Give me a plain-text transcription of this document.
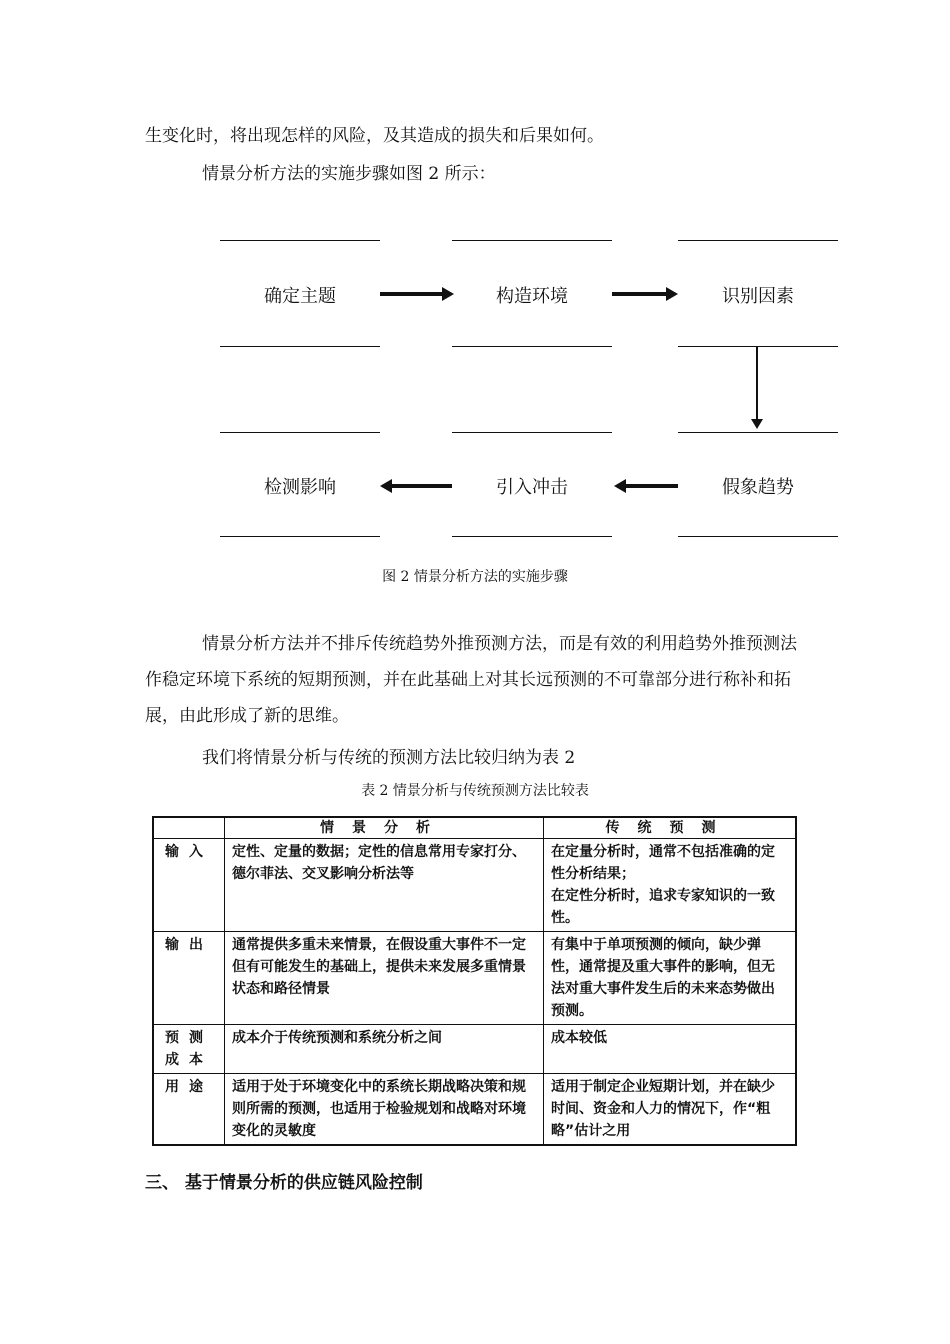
生变化时，将出现怎样的风险，及其造成的损失和后果如何。

情景分析方法的实施步骤如图 2 所示：

确定主题	构造环境	识别因素
检测影响	引入冲击	假象趋势
图 2 情景分析方法的实施步骤

情景分析方法并不排斥传统趋势外推预测方法，而是有效的利用趋势外推预测法作稳定环境下系统的短期预测，并在此基础上对其长远预测的不可靠部分进行称补和拓展，由此形成了新的思维。

我们将情景分析与传统的预测方法比较归纳为表 2

表 2 情景分析与传统预测方法比较表
	情景分析	传统预测
输入	定性、定量的数据；定性的信息常用专家打分、德尔菲法、交叉影响分析法等	在定量分析时，通常不包括准确的定性分析结果；
在定性分析时，追求专家知识的一致性。
输出	通常提供多重未来情景，在假设重大事件不一定但有可能发生的基础上，提供未来发展多重情景状态和路径情景	有集中于单项预测的倾向，缺少弹性，通常提及重大事件的影响，但无法对重大事件发生后的未来态势做出预测。
预测成本	成本介于传统预测和系统分析之间	成本较低
用途	适用于处于环境变化中的系统长期战略决策和规则所需的预测，也适用于检验规划和战略对环境变化的灵敏度	适用于制定企业短期计划，并在缺少时间、资金和人力的情况下，作“粗略”估计之用
三、 基于情景分析的供应链风险控制
